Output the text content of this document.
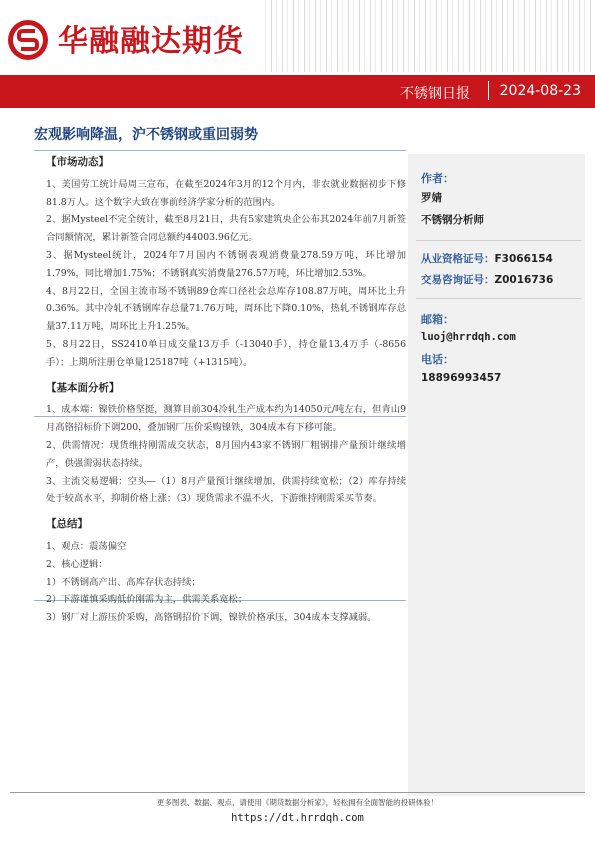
华融融达期货
不锈钢日报 2024-08-23
宏观影响降温，沪不锈钢或重回弱势
【市场动态】
1、美国劳工统计局周三宣布，在截至2024年3月的12个月内，非农就业数据初步下修81.8万人。这个数字大致在事前经济学家分析的范围内。
2、据Mysteel不完全统计，截至8月21日，共有5家建筑央企公布其2024年前7月新签合同额情况，累计新签合同总额约44003.96亿元。
3、据Mysteel统计，2024年7月国内不锈钢表观消费量278.59万吨，环比增加1.79%，同比增加1.75%；不锈钢真实消费量276.57万吨，环比增加2.53%。
4、8月22日，全国主流市场不锈钢89仓库口径社会总库存108.87万吨，周环比上升0.36%。其中冷轧不锈钢库存总量71.76万吨，周环比下降0.10%，热轧不锈钢库存总量37.11万吨，周环比上升1.25%。
5、8月22日，SS2410单日成交量13万手（-13040手），持仓量13.4万手（-8656手）；上期所注册仓单量125187吨（+1315吨）。
【基本面分析】
1、成本端：镍铁价格坚挺，测算目前304冷轧生产成本约为14050元/吨左右，但青山9月高铬招标价下调200，叠加钢厂压价采购镍铁，304成本有下移可能。
2、供需情况：现货维持刚需成交状态，8月国内43家不锈钢厂粗钢排产量预计继续增产，供强需弱状态持续。
3、主流交易逻辑：空头—（1）8月产量预计继续增加，供需持续宽松；（2）库存持续处于较高水平，抑制价格上涨；（3）现货需求不温不火，下游维持刚需采买节奏。
【总结】
1、观点：震荡偏空
2、核心逻辑：
1）不锈钢高产出、高库存状态持续；
2）下游谨慎采购低价刚需为主，供需关系宽松；
3）钢厂对上游压价采购，高铬钢招价下调，镍铁价格承压，304成本支撑减弱。
作者：
罗婧
不锈钢分析师
从业资格证号：F3066154
交易咨询证号：Z0016736
邮箱：
luoj@hrrdqh.com
电话：
18896993457
更多图表、数据、观点、请使用《期货数据分析家》，轻松拥有全面智能的投研体验！
https://dt.hrrdqh.com
